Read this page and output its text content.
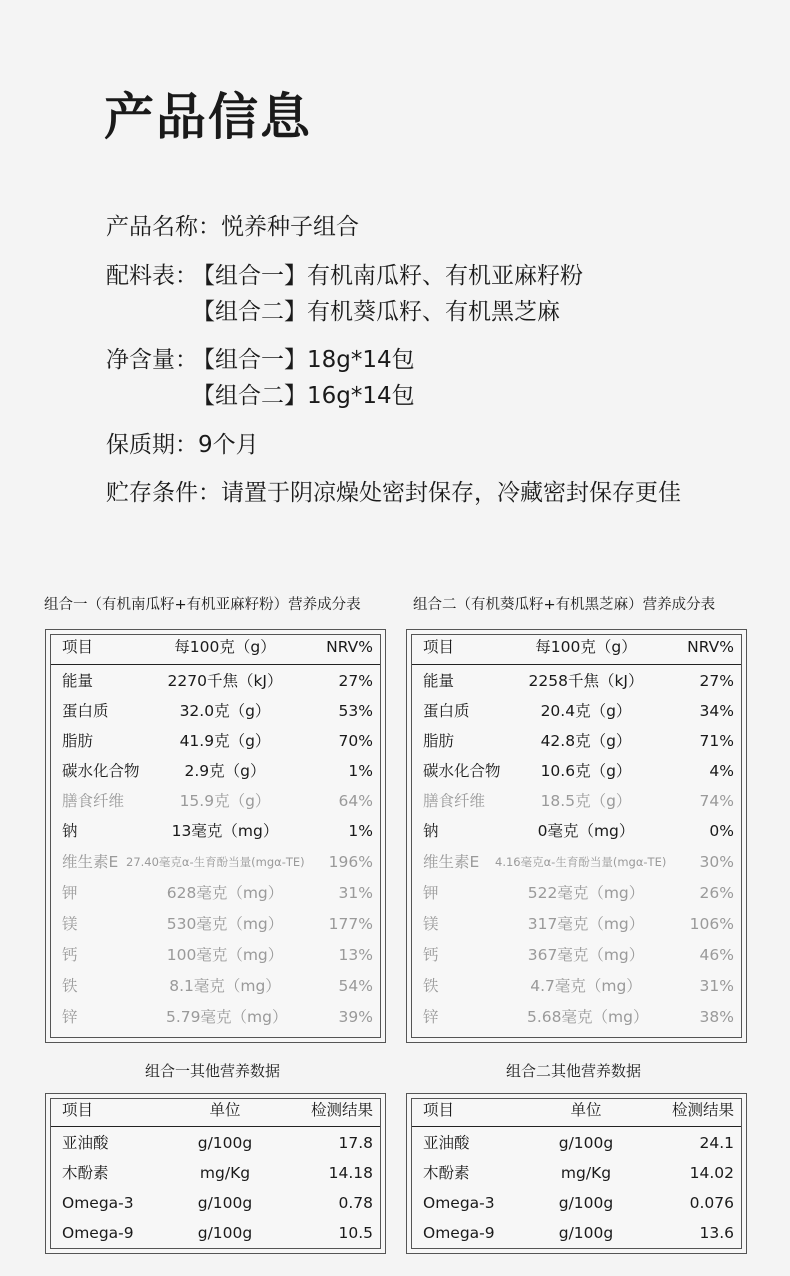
产品信息
产品名称：悦养种子组合
配料表：
【组合一】有机南瓜籽、有机亚麻籽粉
【组合二】有机葵瓜籽、有机黑芝麻
净含量：
【组合一】18g*14包
【组合二】16g*14包
保质期：9个月
贮存条件：请置于阴凉燥处密封保存，冷藏密封保存更佳
组合一（有机南瓜籽+有机亚麻籽粉）营养成分表
项目	每100克（g）	NRV%
能量	2270千焦（kJ）	27%
蛋白质	32.0克（g）	53%
脂肪	41.9克（g）	70%
碳水化合物	2.9克（g）	1%
膳食纤维	15.9克（g）	64%
钠	13毫克（mg）	1%
维生素E 27.40毫克α-生育酚当量(mgα-TE) 196%
钾	628毫克（mg）	31%
镁	530毫克（mg）	177%
钙	100毫克（mg）	13%
铁	8.1毫克（mg）	54%
锌	5.79毫克（mg）	39%
组合二（有机葵瓜籽+有机黑芝麻）营养成分表
项目	每100克（g）	NRV%
能量	2258千焦（kJ）	27%
蛋白质	20.4克（g）	34%
脂肪	42.8克（g）	71%
碳水化合物	10.6克（g）	4%
膳食纤维	18.5克（g）	74%
钠	0毫克（mg）	0%
维生素E 4.16毫克α-生育酚当量(mgα-TE) 30%
钾	522毫克（mg）	26%
镁	317毫克（mg）	106%
钙	367毫克（mg）	46%
铁	4.7毫克（mg）	31%
锌	5.68毫克（mg）	38%
组合一其他营养数据
项目	单位	检测结果
亚油酸	g/100g	17.8
木酚素	mg/Kg	14.18
Omega-3	g/100g	0.78
Omega-9	g/100g	10.5
组合二其他营养数据
项目	单位	检测结果
亚油酸	g/100g	24.1
木酚素	mg/Kg	14.02
Omega-3	g/100g	0.076
Omega-9	g/100g	13.6
